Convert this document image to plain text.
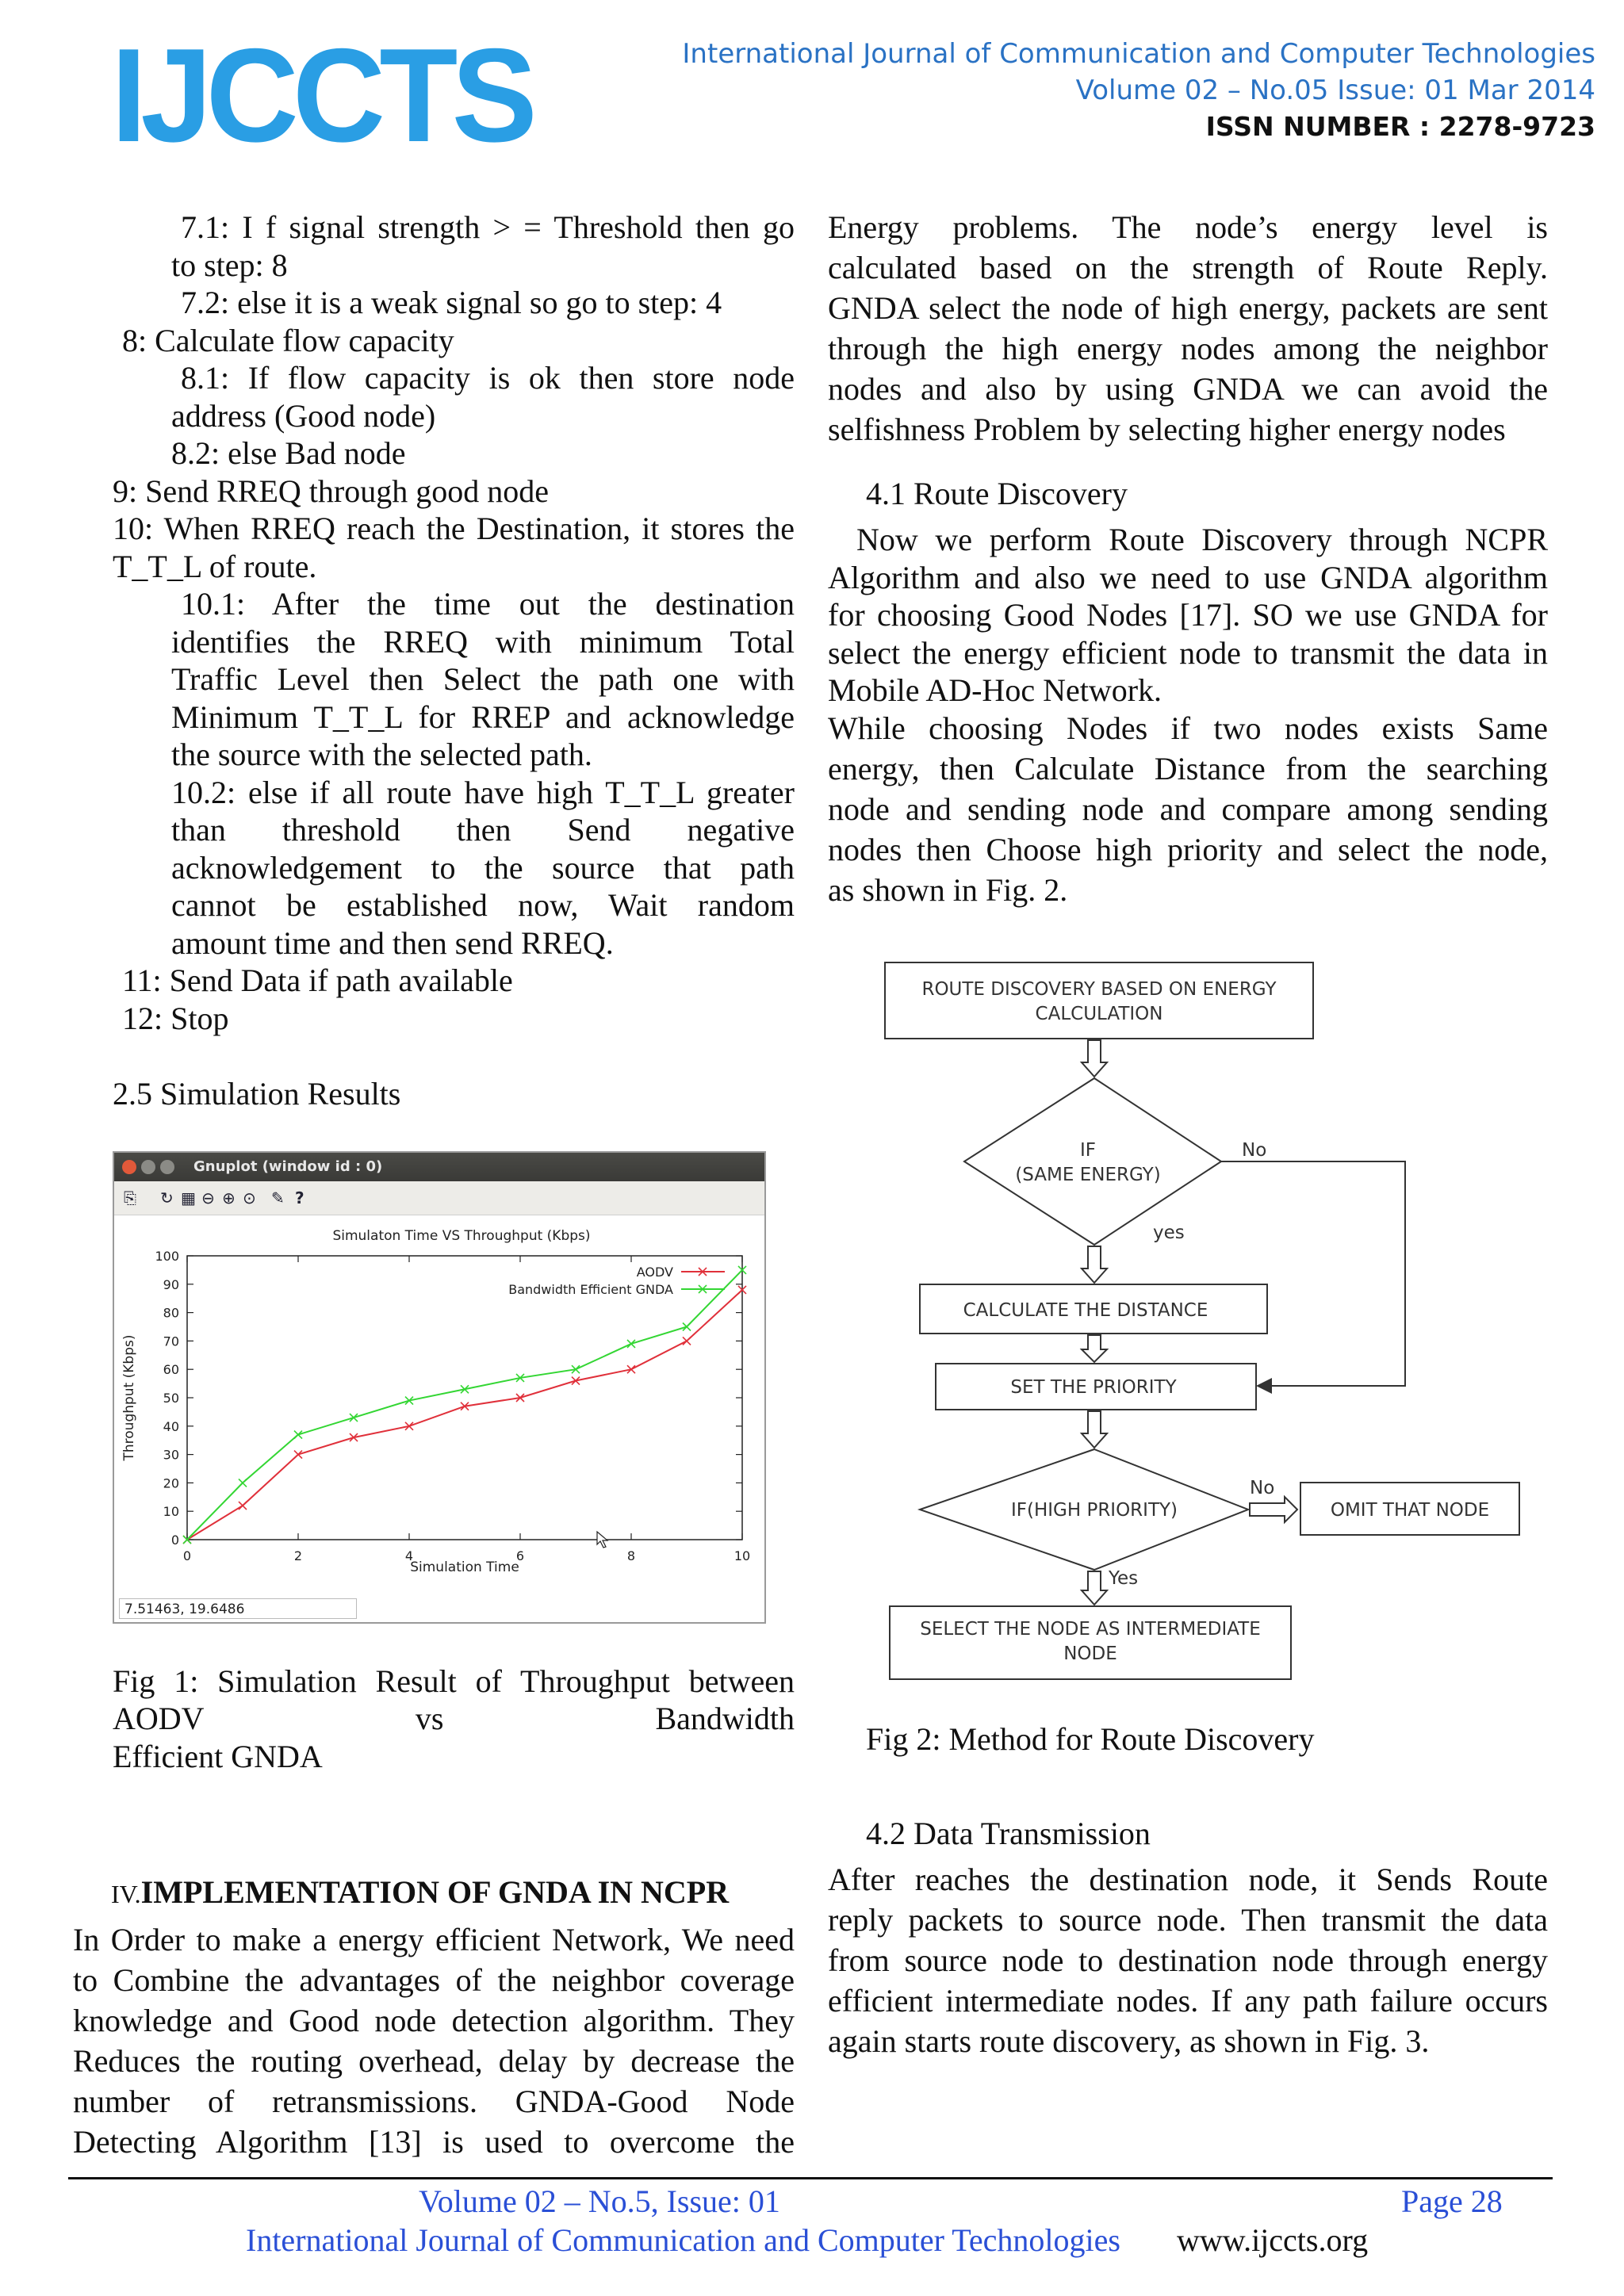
IJCCTS	International Journal of Communication and Computer Technologies
Volume 02 – No.05 Issue: 01 Mar 2014
ISSN NUMBER : 2278-9723
7.1: I f signal strength > = Threshold then go
to step: 8
7.2: else it is a weak signal so go to step: 4
8: Calculate flow capacity
8.1: If flow capacity is ok then store node
address (Good node)
8.2: else Bad node
9: Send RREQ through good node
10: When RREQ reach the Destination, it stores the
T_T_L of route.
10.1: After the time out the destination
identifies the RREQ with minimum Total
Traffic Level then Select the path one with
Minimum T_T_L for RREP and acknowledge
the source with the selected path.
10.2: else if all route have high T_T_L greater
than threshold then Send negative
acknowledgement to the source that path
cannot be established now, Wait random
amount time and then send RREQ.
11: Send Data if path available
12: Stop
2.5 Simulation Results
Gnuplot (window id : 0)
⎘ ↻ ▦ ⊖ ⊕ ⊙ ✎ ?
Simulaton Time VS Throughput (Kbps)
0
10
20
30
40
50
60
70
80
90
100
0	2	4	6	8	10
AODV
Bandwidth Efficient GNDA
Simulation Time
Throughput (Kbps)
7.51463, 19.6486
Fig 1: Simulation Result of Throughput between
AODV vs Bandwidth
Efficient GNDA
IV.IMPLEMENTATION OF GNDA IN NCPR
In Order to make a energy efficient Network, We need
to Combine the advantages of the neighbor coverage
knowledge and Good node detection algorithm. They
Reduces the routing overhead, delay by decrease the
number of retransmissions. GNDA-Good Node
Detecting Algorithm [13] is used to overcome the
Energy problems. The node’s energy level is
calculated based on the strength of Route Reply.
GNDA select the node of high energy, packets are sent
through the high energy nodes among the neighbor
nodes and also by using GNDA we can avoid the
selfishness Problem by selecting higher energy nodes
4.1 Route Discovery
Now we perform Route Discovery through NCPR
Algorithm and also we need to use GNDA algorithm
for choosing Good Nodes [17]. SO we use GNDA for
select the energy efficient node to transmit the data in
Mobile AD-Hoc Network.
While choosing Nodes if two nodes exists Same
energy, then Calculate Distance from the searching
node and sending node and compare among sending
nodes then Choose high priority and select the node,
as shown in Fig. 2.
ROUTE DISCOVERY BASED ON ENERGY
CALCULATION
IF
(SAME ENERGY)
No
yes
CALCULATE THE DISTANCE
SET THE PRIORITY
IF(HIGH PRIORITY)
No
OMIT THAT NODE
Yes
SELECT THE NODE AS INTERMEDIATE
NODE
Fig 2: Method for Route Discovery
4.2 Data Transmission
After reaches the destination node, it Sends Route
reply packets to source node. Then transmit the data
from source node to destination node through energy
efficient intermediate nodes. If any path failure occurs
again starts route discovery, as shown in Fig. 3.
Volume 02 – No.5, Issue: 01	Page 28
International Journal of Communication and Computer Technologies www.ijccts.org
